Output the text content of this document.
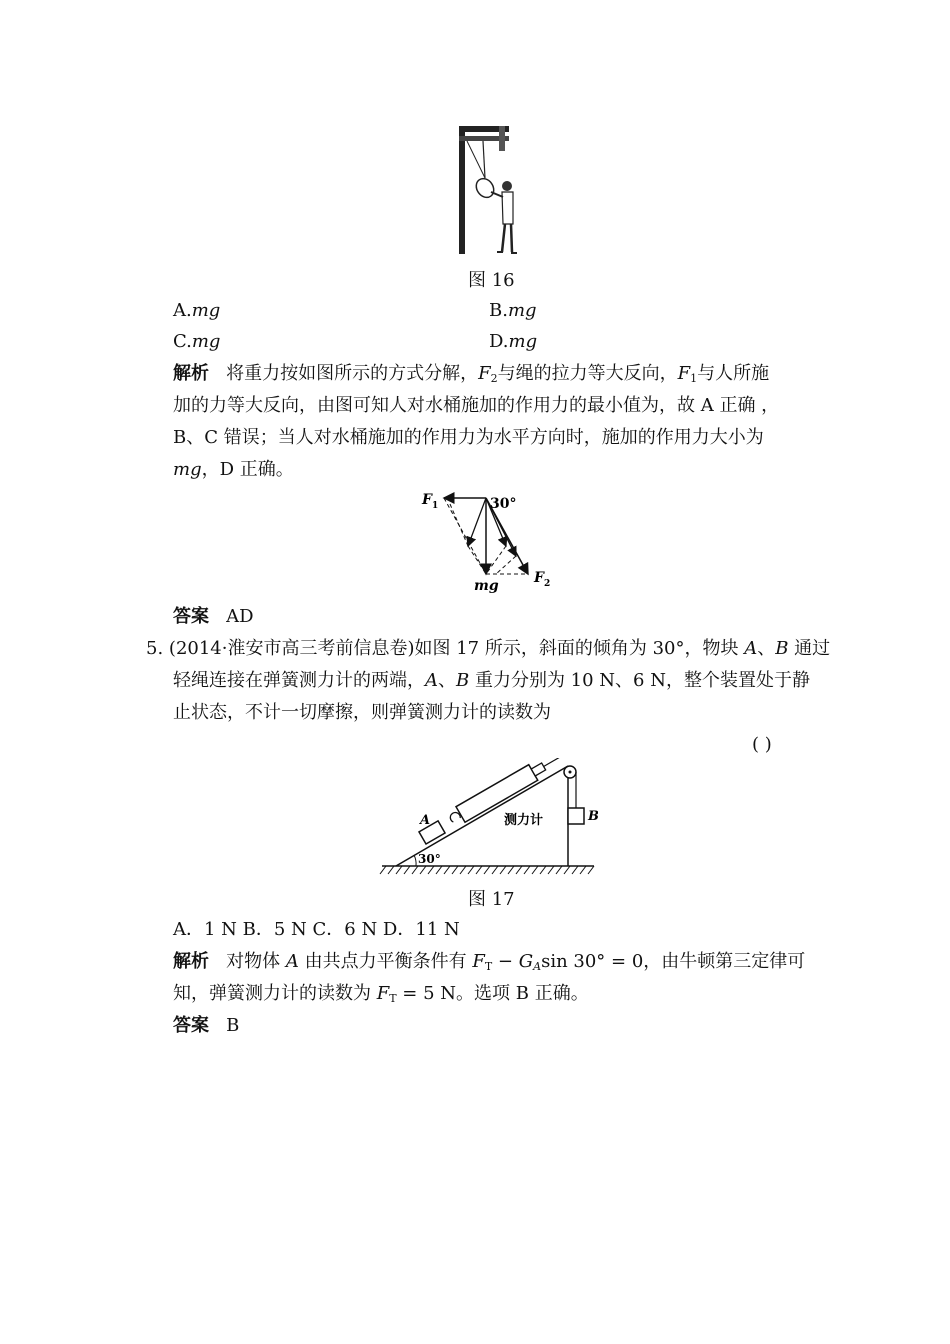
图 16
A.mg	B.mg
C.mg	D.mg
解析 将重力按如图所示的方式分解，$F_2$与绳的拉力等大反向，$F_1$与人所施
加的力等大反向，由图可知人对水桶施加的作用力的最小值为，故 A 正确 ，
B、C 错误；当人对水桶施加的作用力为水平方向时，施加的作用力大小为
mg，D 正确。
F 1	30°
mg	F 2
答案 AD
5. (2014·淮安市高三考前信息卷)如图 17 所示，斜面的倾角为 30°，物块 A、B 通过
轻绳连接在弹簧测力计的两端，A、B 重力分别为 10 N、6 N，整个装置处于静
止状态，不计一切摩擦，则弹簧测力计的读数为
( )
A	B
测力计
30°
图 17
A．1 N B．5 N C．6 N D．11 N
解析 对物体 A 由共点力平衡条件有 $F_T - G_A\sin$ 30° = 0，由牛顿第三定律可
知，弹簧测力计的读数为 $F_T = 5$ N。选项 B 正确。
答案 B
